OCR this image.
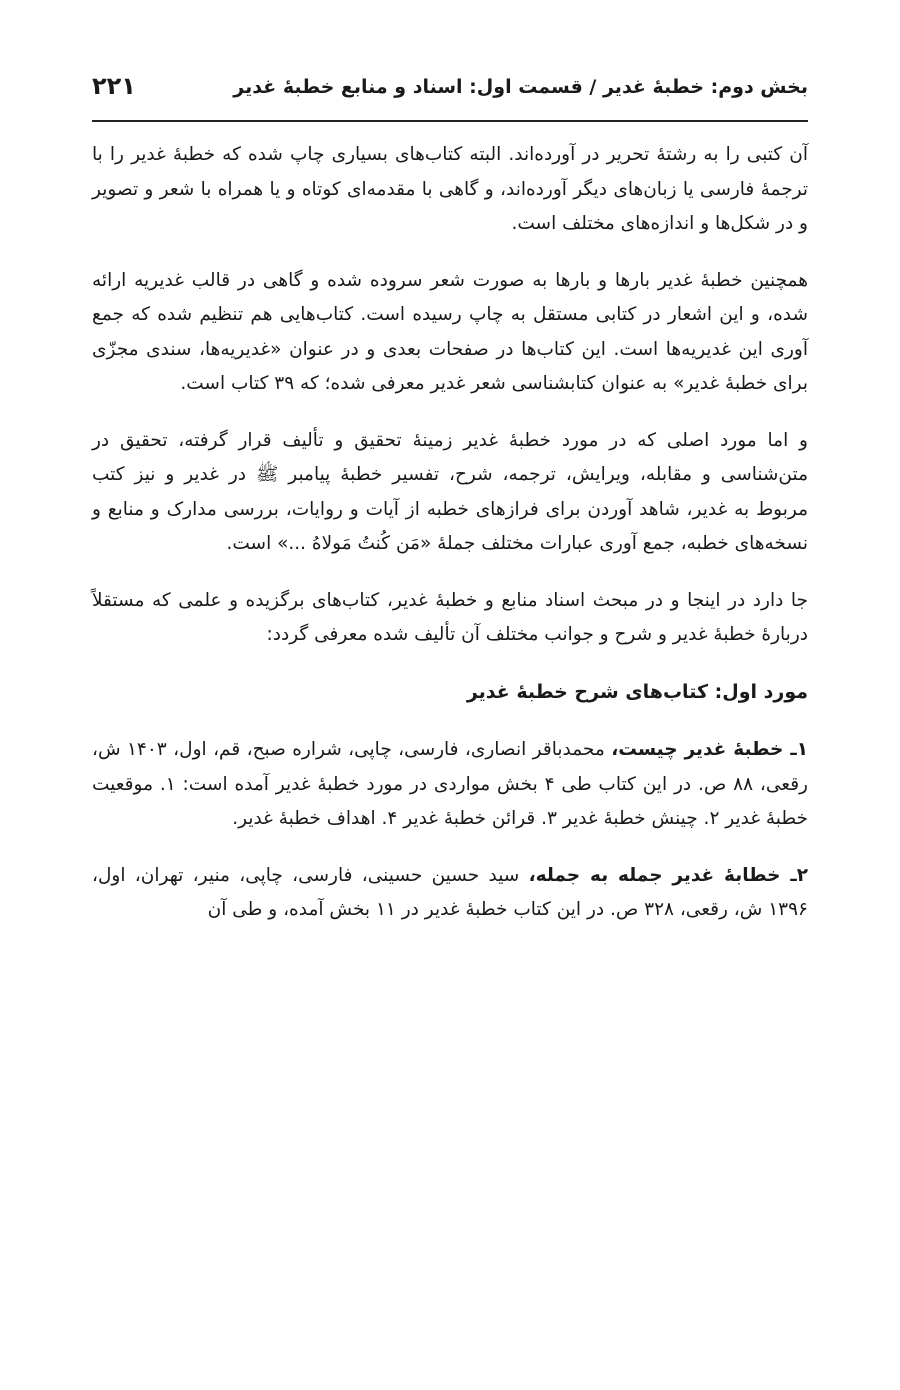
بخش دوم: خطبهٔ غدیر / قسمت اول: اسناد و منابع خطبهٔ غدیر
۲۲۱

آن کتبی را به رشتهٔ تحریر در آورده‌اند. البته کتاب‌های بسیاری چاپ شده که خطبهٔ غدیر را با ترجمهٔ فارسی یا زبان‌های دیگر آورده‌اند، و گاهی با مقدمه‌ای کوتاه و یا همراه با شعر و تصویر و در شکل‌ها و اندازه‌های مختلف است.

همچنین خطبهٔ غدیر بارها و بارها به صورت شعر سروده شده و گاهی در قالب غدیریه ارائه شده، و این اشعار در کتابی مستقل به چاپ رسیده است. کتاب‌هایی هم تنظیم شده که جمع آوری این غدیریه‌ها است. این کتاب‌ها در صفحات بعدی و در عنوان «غدیریه‌ها، سندی مجزّی برای خطبهٔ غدیر» به عنوان کتابشناسی شعر غدیر معرفی شده؛ که ۳۹ کتاب است.

و اما مورد اصلی که در مورد خطبهٔ غدیر زمینهٔ تحقیق و تألیف قرار گرفته، تحقیق در متن‌شناسی و مقابله، ویرایش، ترجمه، شرح، تفسیر خطبهٔ پیامبر ﷺ در غدیر و نیز کتب مربوط به غدیر، شاهد آوردن برای فرازهای خطبه از آیات و روایات، بررسی مدارک و منابع و نسخه‌های خطبه، جمع آوری عبارات مختلف جملهٔ «مَن کُنتُ مَولاهُ ...» است.

جا دارد در اینجا و در مبحث اسناد منابع و خطبهٔ غدیر، کتاب‌های برگزیده و علمی که مستقلاً دربارهٔ خطبهٔ غدیر و شرح و جوانب مختلف آن تألیف شده معرفی گردد:

مورد اول: کتاب‌های شرح خطبهٔ غدیر

۱ـ خطبهٔ غدیر چیست، محمدباقر انصاری، فارسی، چاپی، شراره صبح، قم، اول، ۱۴۰۳ ش، رقعی، ۸۸ ص. در این کتاب طی ۴ بخش مواردی در مورد خطبهٔ غدیر آمده است: ۱. موقعیت خطبهٔ غدیر ۲. چینش خطبهٔ غدیر ۳. قرائن خطبهٔ غدیر ۴. اهداف خطبهٔ غدیر.

۲ـ خطابهٔ غدیر جمله به جمله، سید حسین حسینی، فارسی، چاپی، منیر، تهران، اول، ۱۳۹۶ ش، رقعی، ۳۲۸ ص. در این کتاب خطبهٔ غدیر در ۱۱ بخش آمده، و طی آن
